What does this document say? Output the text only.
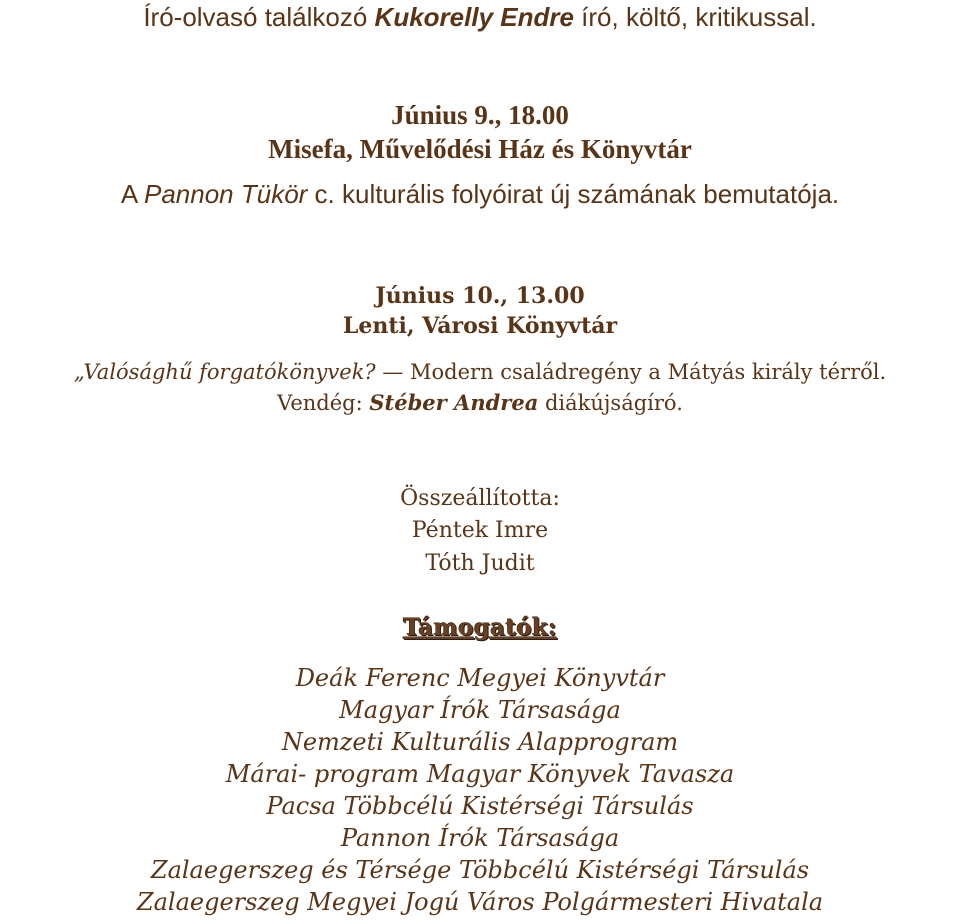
Író-olvasó találkozó Kukorelly Endre író, költő, kritikussal.
Június 9., 18.00
Misefa, Művelődési Ház és Könyvtár
A Pannon Tükör c. kulturális folyóirat új számának bemutatója.
Június 10., 13.00
Lenti, Városi Könyvtár
„Valósághű forgatókönyvek? — Modern családregény a Mátyás király térről.
Vendég: Stéber Andrea diákújságíró.
Összeállította:
Péntek Imre
Tóth Judit
Támogatók:
Deák Ferenc Megyei Könyvtár
Magyar Írók Társasága
Nemzeti Kulturális Alapprogram
Márai- program Magyar Könyvek Tavasza
Pacsa Többcélú Kistérségi Társulás
Pannon Írók Társasága
Zalaegerszeg és Térsége Többcélú Kistérségi Társulás
Zalaegerszeg Megyei Jogú Város Polgármesteri Hivatala
